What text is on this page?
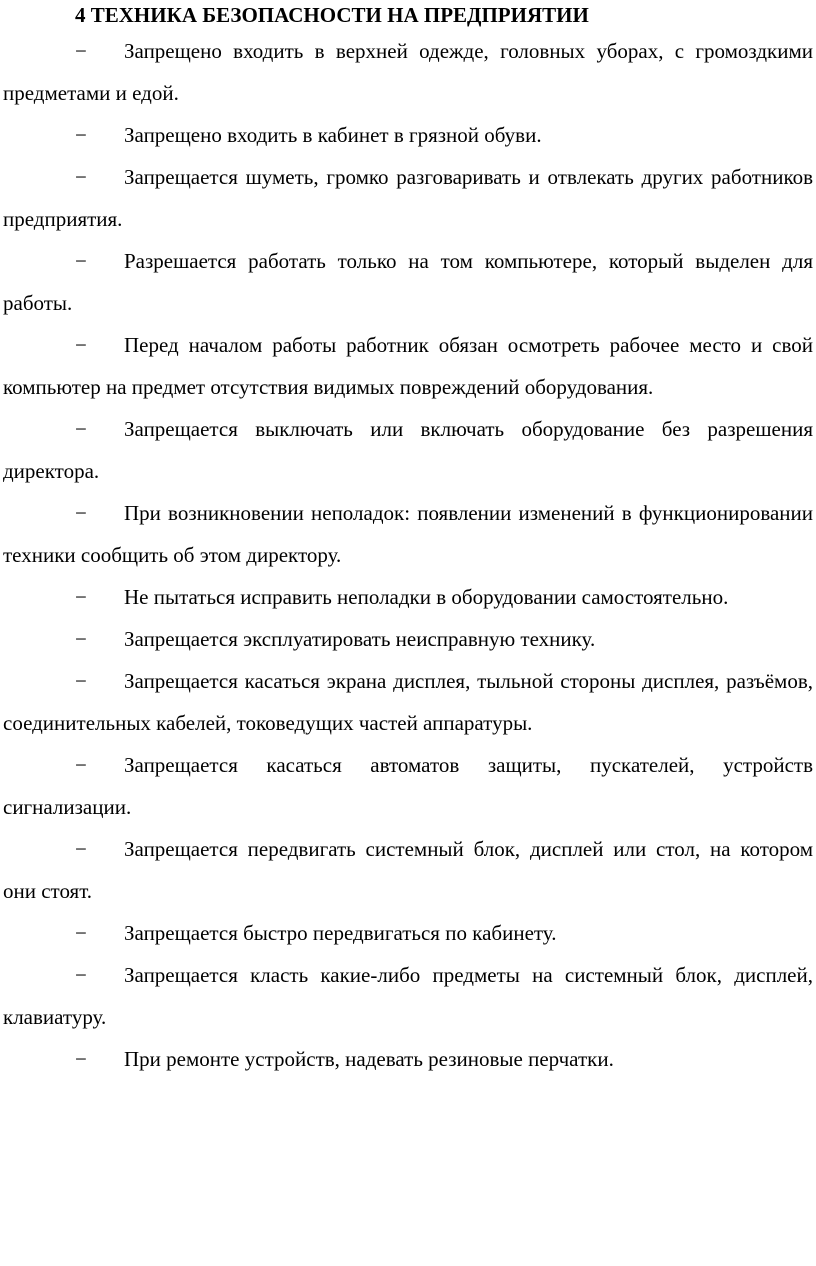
4 ТЕХНИКА БЕЗОПАСНОСТИ НА ПРЕДПРИЯТИИ
− Запрещено входить в верхней одежде, головных уборах, с громоздкими предметами и едой.
− Запрещено входить в кабинет в грязной обуви.
− Запрещается шуметь, громко разговаривать и отвлекать других работников предприятия.
− Разрешается работать только на том компьютере, который выделен для работы.
− Перед началом работы работник обязан осмотреть рабочее место и свой компьютер на предмет отсутствия видимых повреждений оборудования.
− Запрещается выключать или включать оборудование без разрешения директора.
− При возникновении неполадок: появлении изменений в функционировании техники сообщить об этом директору.
− Не пытаться исправить неполадки в оборудовании самостоятельно.
− Запрещается эксплуатировать неисправную технику.
− Запрещается касаться экрана дисплея, тыльной стороны дисплея, разъёмов, соединительных кабелей, токоведущих частей аппаратуры.
− Запрещается касаться автоматов защиты, пускателей, устройств сигнализации.
− Запрещается передвигать системный блок, дисплей или стол, на котором они стоят.
− Запрещается быстро передвигаться по кабинету.
− Запрещается класть какие-либо предметы на системный блок, дисплей, клавиатуру.
− При ремонте устройств, надевать резиновые перчатки.
